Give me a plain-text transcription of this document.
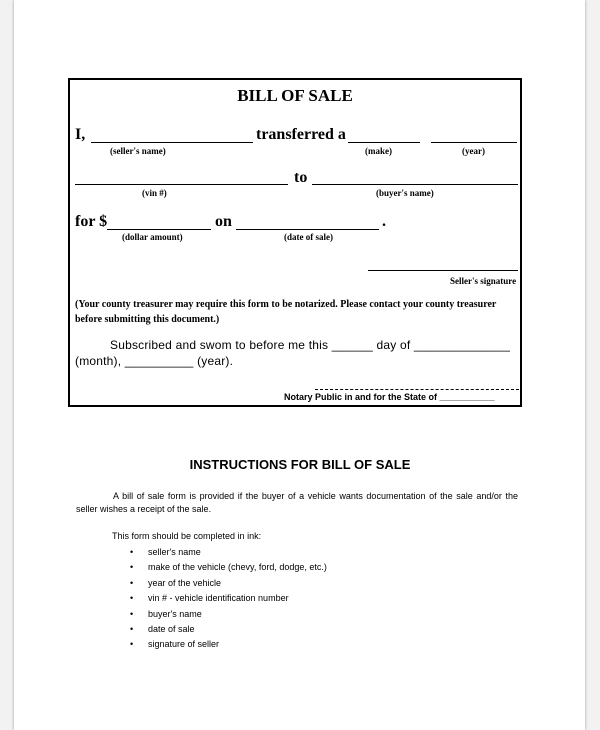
BILL OF SALE
I,	transferred a
(seller's name)	(make)	(year)
to
(vin #)	(buyer's name)
for $	on	.
(dollar amount)	(date of sale)
Seller's signature
(Your county treasurer may require this form to be notarized. Please contact your county treasurer before submitting this document.)
Subscribed and swom to before me this ______ day of ______________
(month), __________ (year).
Notary Public in and for the State of ___________
INSTRUCTIONS FOR BILL OF SALE

A bill of sale form is provided if the buyer of a vehicle wants documentation of the sale and/or the seller wishes a receipt of the sale.

This form should be completed in ink:
• seller's name
• make of the vehicle (chevy, ford, dodge, etc.)
• year of the vehicle
• vin # - vehicle identification number
• buyer's name
• date of sale
• signature of seller
